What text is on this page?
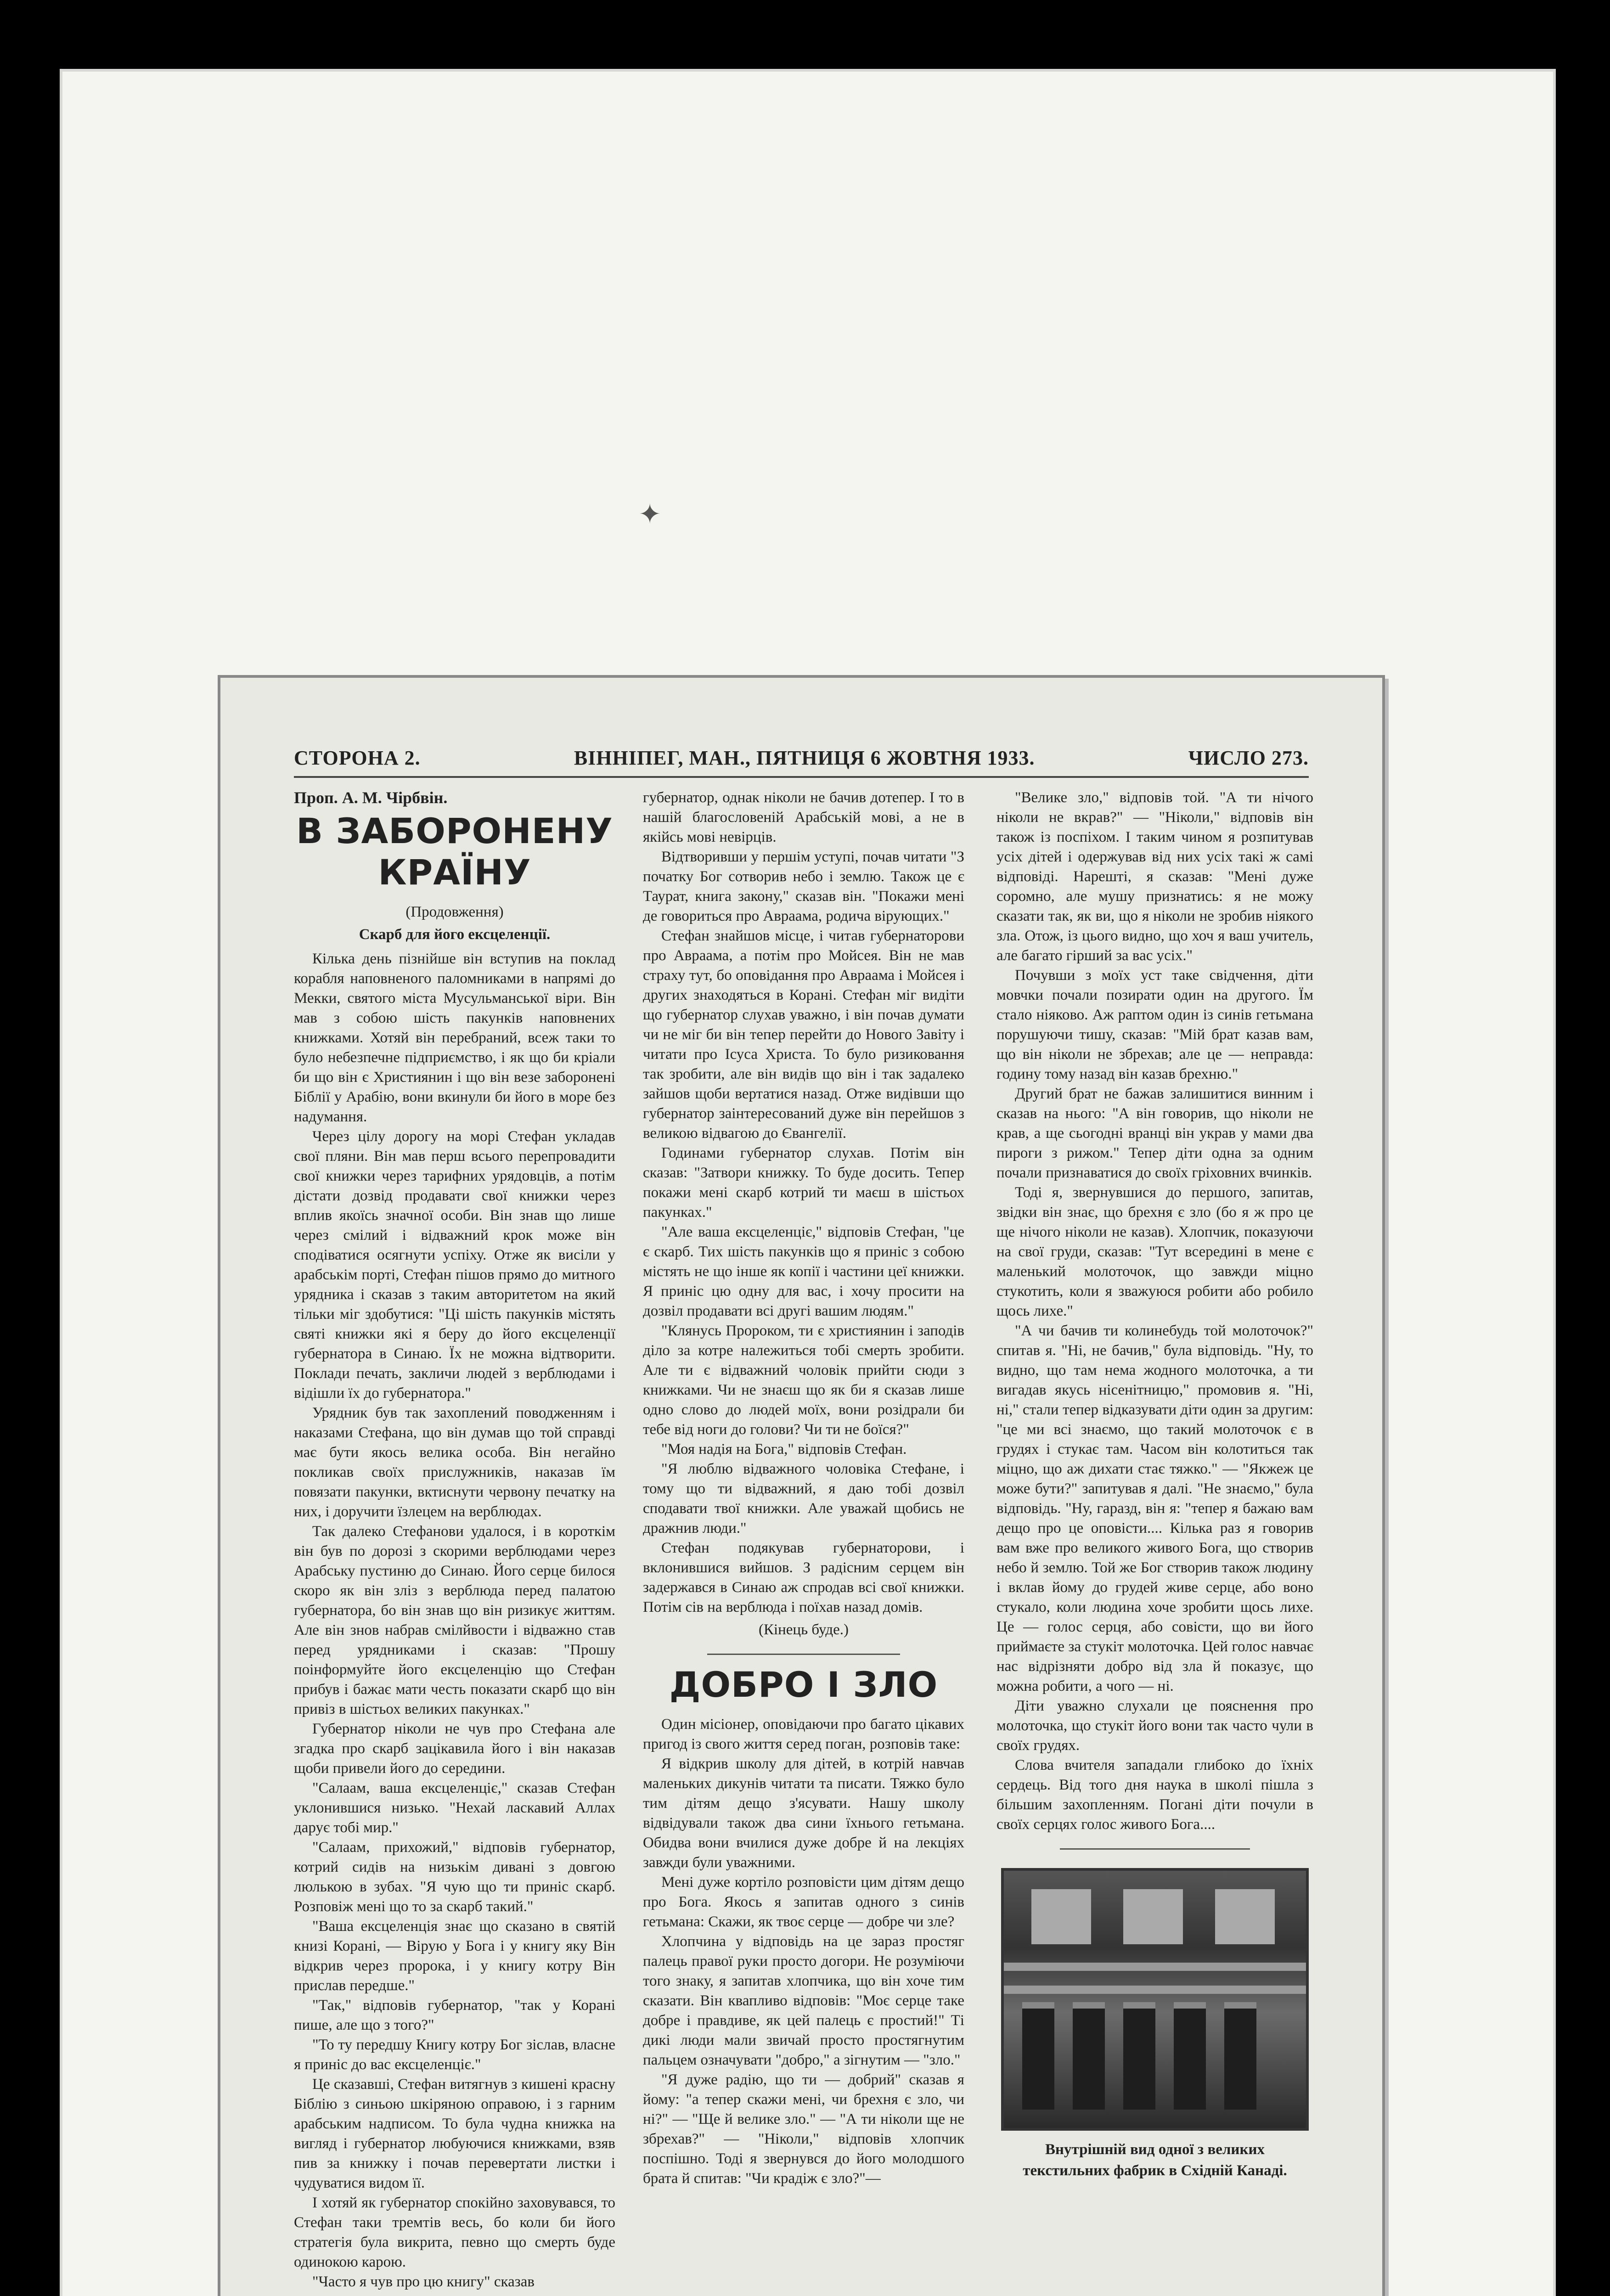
✦
СТОРОНА 2.	ВІННІПЕГ, МАН., ПЯТНИЦЯ 6 ЖОВТНЯ 1933.	ЧИСЛО 273.
Проп. А. М. Чірбвін.
В ЗАБОРОНЕНУ КРАЇНУ
(Продовження)
Скарб для його ексцеленції.

Кілька день пізнійше він вступив на поклад корабля наповненого паломниками в напрямі до Мекки, святого міста Мусульманської віри. Він мав з собою шість пакунків наповнених книжками. Хотяй він перебраний, всеж таки то було небезпечне підприємство, і як що би кріали би що він є Християнин і що він везе заборонені Біблії у Арабію, вони вкинули би його в море без надумання.

Через цілу дорогу на морі Стефан укладав свої пляни. Він мав перш всього перепровадити свої книжки через тарифних урядовців, а потім дістати дозвід продавати свої книжки через вплив якоїсь значної особи. Він знав що лише через смілий і відважний крок може він сподіватися осягнути успіху. Отже як висіли у арабськім порті, Стефан пішов прямо до митного урядника і сказав з таким авторитетом на який тільки міг здобутися: "Ці шість пакунків містять святі книжки які я беру до його ексцеленції губернатора в Синаю. Їх не можна відтворити. Поклади печать, закличи людей з верблюдами і відішли їх до губернатора."

Урядник був так захоплений поводженням і наказами Стефана, що він думав що той справді має бути якось велика особа. Він негайно покликав своїх прислужників, наказав їм повязати пакунки, вктиснути червону печатку на них, і доручити їзлецем на верблюдах.

Так далеко Стефанови удалося, і в короткім він був по дорозі з скорими верблюдами через Арабську пустиню до Синаю. Його серце билося скоро як він зліз з верблюда перед палатою губернатора, бо він знав що він ризикує життям. Але він знов набрав смілйвости і відважно став перед урядниками і сказав: "Прошу поінформуйте його ексцеленцію що Стефан прибув і бажає мати честь показати скарб що він привіз в шістьох великих пакунках."

Губернатор ніколи не чув про Стефана але згадка про скарб зацікавила його і він наказав щоби привели його до середини.

"Салаам, ваша ексцеленціє," сказав Стефан уклонившися низько. "Нехай ласкавий Аллах дарує тобі мир."

"Салаам, прихожий," відповів губернатор, котрий сидів на низькім дивані з довгою люлькою в зубах. "Я чую що ти приніс скарб. Розповіж мені що то за скарб такий."

"Ваша ексцеленція знає що сказано в святій книзі Корані, — Вірую у Бога і у книгу яку Він відкрив через пророка, і у книгу котру Він прислав передше."

"Так," відповів губернатор, "так у Корані пише, але що з того?"

"То ту передшу Книгу котру Бог зіслав, власне я приніс до вас ексцеленціє."

Це сказавші, Стефан витягнув з кишені красну Біблію з синьою шкіряною оправою, і з гарним арабським надписом. То була чудна книжка на вигляд і губернатор любуючися книжками, взяв пив за книжку і почав перевертати листки і чудуватися видом її.

І хотяй як губернатор спокійно заховувався, то Стефан таки тремтів весь, бо коли би його стратегія була викрита, певно що смерть буде одинокою карою.

"Часто я чув про цю книгу" сказав

губернатор, однак ніколи не бачив дотепер. І то в нашій благословеній Арабській мові, а не в якійсь мові невірців.

Відтворивши у першім уступі, почав читати "З початку Бог сотворив небо і землю. Також це є Таурат, книга закону," сказав він. "Покажи мені де говориться про Авраама, родича вірующих."

Стефан знайшов місце, і читав губернаторови про Авраама, а потім про Мойсея. Він не мав страху тут, бо оповідання про Авраама і Мойсея і других знаходяться в Корані. Стефан міг видіти що губернатор слухав уважно, і він почав думати чи не міг би він тепер перейти до Нового Завіту і читати про Ісуса Христа. То було ризиковання так зробити, але він видів що він і так задалеко зайшов щоби вертатися назад. Отже видівши що губернатор заінтересований дуже він перейшов з великою відвагою до Євангелії.

Годинами губернатор слухав. Потім він сказав: "Затвори книжку. То буде досить. Тепер покажи мені скарб котрий ти маєш в шістьох пакунках."

"Але ваша ексцеленціє," відповів Стефан, "це є скарб. Тих шість пакунків що я приніс з собою містять не що інше як копії і частини цеї книжки. Я приніс цю одну для вас, і хочу просити на дозвіл продавати всі другі вашим людям."

"Клянусь Пророком, ти є християнин і заподів діло за котре належиться тобі смерть зробити. Але ти є відважний чоловік прийти сюди з книжками. Чи не знаєш що як би я сказав лише одно слово до людей моїх, вони розідрали би тебе від ноги до голови? Чи ти не боїся?"

"Моя надія на Бога," відповів Стефан.

"Я люблю відважного чоловіка Стефане, і тому що ти відважний, я даю тобі дозвіл сподавати твої книжки. Але уважай щобись не дражнив люди."

Стефан подякував губернаторови, і вклонившися вийшов. З радісним серцем він задержався в Синаю аж спродав всі свої книжки. Потім сів на верблюда і поїхав назад домів.

(Кінець буде.)

ДОБРО І ЗЛО

Один місіонер, оповідаючи про багато цікавих пригод із свого життя серед поган, розповів таке:

Я відкрив школу для дітей, в котрій навчав маленьких дикунів читати та писати. Тяжко було тим дітям дещо з'ясувати. Нашу школу відвідували також два сини їхнього гетьмана. Обидва вони вчилися дуже добре й на лекціях завжди були уважними.

Мені дуже кортіло розповісти цим дітям дещо про Бога. Якось я запитав одного з синів гетьмана: Скажи, як твоє серце — добре чи зле?

Хлопчина у відповідь на це зараз простяг палець правої руки просто догори. Не розуміючи того знаку, я запитав хлопчика, що він хоче тим сказати. Він квапливо відповів: "Моє серце таке добре і правдиве, як цей палець є простий!" Ті дикі люди мали звичай просто простягнутим пальцем означувати "добро," а зігнутим — "зло."

"Я дуже радію, що ти — добрий" сказав я йому: "а тепер скажи мені, чи брехня є зло, чи ні?" — "Ще й велике зло." — "А ти ніколи ще не збрехав?" — "Ніколи," відповів хлопчик поспішно. Тоді я звернувся до його молодшого брата й спитав: "Чи крадіж є зло?"—

"Велике зло," відповів той. "А ти нічого ніколи не вкрав?" — "Ніколи," відповів він також із поспіхом. І таким чином я розпитував усіх дітей і одержував від них усіх такі ж самі відповіді. Нарешті, я сказав: "Мені дуже соромно, але мушу признатись: я не можу сказати так, як ви, що я ніколи не зробив ніякого зла. Отож, із цього видно, що хоч я ваш учитель, але багато гірший за вас усіх."

Почувши з моїх уст таке свідчення, діти мовчки почали позирати один на другого. Їм стало ніяково. Аж раптом один із синів гетьмана порушуючи тишу, сказав: "Мій брат казав вам, що він ніколи не збрехав; але це — неправда: годину тому назад він казав брехню."

Другий брат не бажав залишитися винним і сказав на нього: "А він говорив, що ніколи не крав, а ще сьогодні вранці він украв у мами два пироги з рижом." Тепер діти одна за одним почали признаватися до своїх гріховних вчинків.

Тоді я, звернувшися до першого, запитав, звідки він знає, що брехня є зло (бо я ж про це ще нічого ніколи не казав). Хлопчик, показуючи на свої груди, сказав: "Тут всередині в мене є маленький молоточок, що завжди міцно стукотить, коли я зважуюся робити або робило щось лихе."

"А чи бачив ти колинебудь той молоточок?" спитав я. "Ні, не бачив," була відповідь. "Ну, то видно, що там нема жодного молоточка, а ти вигадав якусь нісенітницю," промовив я. "Ні, ні," стали тепер відказувати діти один за другим: "це ми всі знаємо, що такий молоточок є в грудях і стукає там. Часом він колотиться так міцно, що аж дихати стає тяжко." — "Якжеж це може бути?" запитував я далі. "Не знаємо," була відповідь. "Ну, гаразд, він я: "тепер я бажаю вам дещо про це оповісти.... Кілька раз я говорив вам вже про великого живого Бога, що створив небо й землю. Той же Бог створив також людину і вклав йому до грудей живе серце, або воно стукало, коли людина хоче зробити щось лихе. Це — голос серця, або совісти, що ви його приймаєте за стукіт молоточка. Цей голос навчає нас відрізняти добро від зла й показує, що можна робити, а чого — ні.

Діти уважно слухали це пояснення про молоточка, що стукіт його вони так часто чули в своїх грудях.

Слова вчителя западали глибоко до їхніх сердець. Від того дня наука в школі пішла з більшим захопленням. Погані діти почули в своїх серцях голос живого Бога....

Внутрішній вид одної з великих текстильних фабрик в Східній Канаді.
